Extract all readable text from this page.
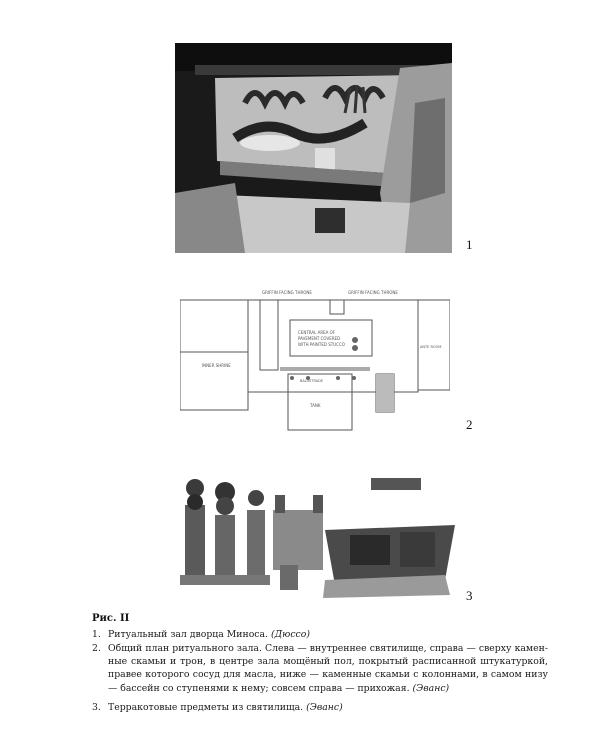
1
GRIFFIN FACING THRONE	GRIFFIN FACING THRONE
CENTRAL AREA OF
PAVEMENT COVERED
WITH PAINTED STUCCO
INNER SHRINE
TANK
BALUSTRADE
ANTE ROOM
2
3
Рис. II
1. Ритуальный зал дворца Миноса. (Дюссо)
2. Общий план ритуального зала. Слева — внутреннее святилище, справа — сверху камен-ные скамьи и трон, в центре зала мощёный пол, покрытый расписанной штукатуркой, правее которого сосуд для масла, ниже — каменные скамьи с колоннами, в самом низу — бассейн со ступенями к нему; совсем справа — прихожая. (Эванс)
3. Терракотовые предметы из святилища. (Эванс)
